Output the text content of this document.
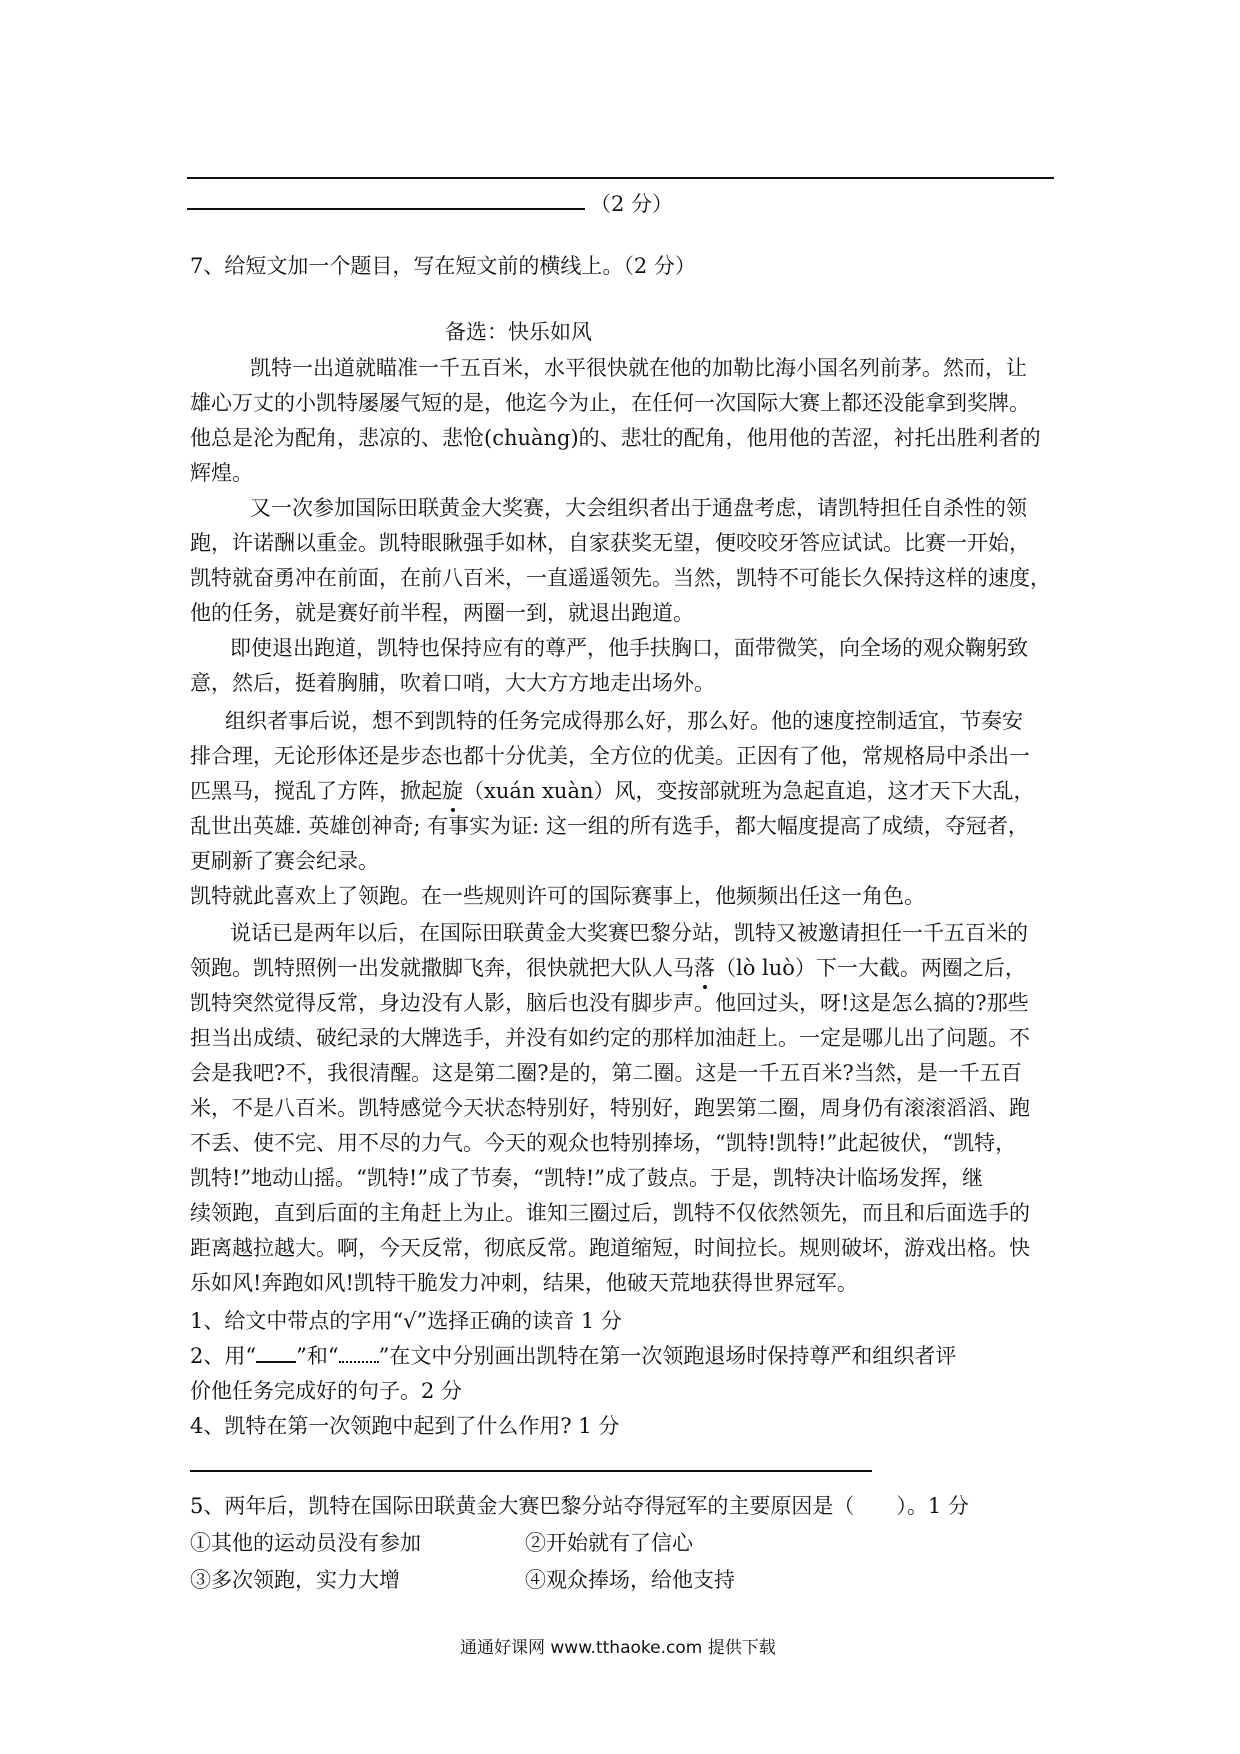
（2 分）
7、给短文加一个题目，写在短文前的横线上。（2 分）
备选：快乐如风
凯特一出道就瞄准一千五百米，水平很快就在他的加勒比海小国名列前茅。然而，让
雄心万丈的小凯特屡屡气短的是，他迄今为止，在任何一次国际大赛上都还没能拿到奖牌。
他总是沦为配角，悲凉的、悲怆(chuàng)的、悲壮的配角，他用他的苦涩，衬托出胜利者的
辉煌。
又一次参加国际田联黄金大奖赛，大会组织者出于通盘考虑，请凯特担任自杀性的领
跑，许诺酬以重金。凯特眼瞅强手如林，自家获奖无望，便咬咬牙答应试试。比赛一开始，
凯特就奋勇冲在前面，在前八百米，一直遥遥领先。当然，凯特不可能长久保持这样的速度，
他的任务，就是赛好前半程，两圈一到，就退出跑道。
即使退出跑道，凯特也保持应有的尊严，他手扶胸口，面带微笑，向全场的观众鞠躬致
意，然后，挺着胸脯，吹着口哨，大大方方地走出场外。
组织者事后说，想不到凯特的任务完成得那么好，那么好。他的速度控制适宜，节奏安
排合理，无论形体还是步态也都十分优美，全方位的优美。正因有了他，常规格局中杀出一
匹黑马，搅乱了方阵，掀起旋（xuán xuàn）风，变按部就班为急起直追，这才天下大乱，
乱世出英雄. 英雄创神奇; 有事实为证: 这一组的所有选手，都大幅度提高了成绩，夺冠者，
更刷新了赛会纪录。
凯特就此喜欢上了领跑。在一些规则许可的国际赛事上，他频频出任这一角色。
说话已是两年以后，在国际田联黄金大奖赛巴黎分站，凯特又被邀请担任一千五百米的
领跑。凯特照例一出发就撒脚飞奔，很快就把大队人马落（lò luò）下一大截。两圈之后，
凯特突然觉得反常，身边没有人影，脑后也没有脚步声。他回过头，呀!这是怎么搞的?那些
担当出成绩、破纪录的大牌选手，并没有如约定的那样加油赶上。一定是哪儿出了问题。不
会是我吧?不，我很清醒。这是第二圈?是的，第二圈。这是一千五百米?当然，是一千五百
米，不是八百米。凯特感觉今天状态特别好，特别好，跑罢第二圈，周身仍有滚滚滔滔、跑
不丢、使不完、用不尽的力气。今天的观众也特别捧场，“凯特!凯特!”此起彼伏，“凯特，
凯特!”地动山摇。“凯特!”成了节奏，“凯特!”成了鼓点。于是，凯特决计临场发挥，继
续领跑，直到后面的主角赶上为止。谁知三圈过后，凯特不仅依然领先，而且和后面选手的
距离越拉越大。啊，今天反常，彻底反常。跑道缩短，时间拉长。规则破坏，游戏出格。快
乐如风!奔跑如风!凯特干脆发力冲刺，结果，他破天荒地获得世界冠军。
1、给文中带点的字用“√”选择正确的读音 1 分
2、用“ ”和“ ”在文中分别画出凯特在第一次领跑退场时保持尊严和组织者评
价他任务完成好的句子。2 分
4、凯特在第一次领跑中起到了什么作用? 1 分
5、两年后，凯特在国际田联黄金大赛巴黎分站夺得冠军的主要原因是（　　）。1 分
①其他的运动员没有参加	②开始就有了信心
③多次领跑，实力大增	④观众捧场，给他支持
通通好课网 www.tthaoke.com 提供下载
